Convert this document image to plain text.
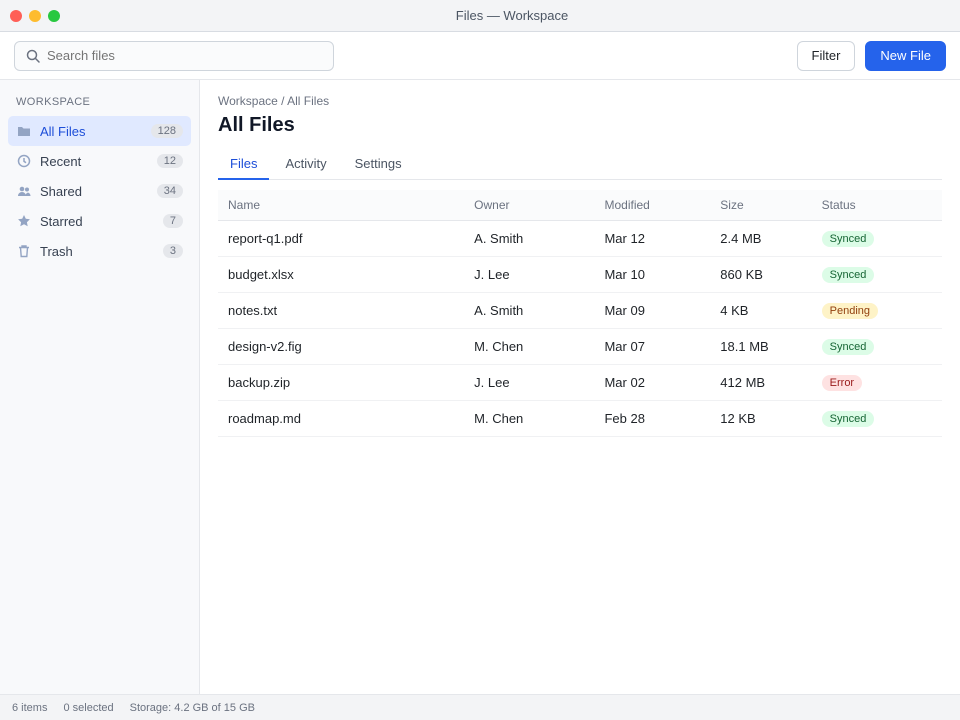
Files — Workspace
Search files
Filter	New File
WORKSPACE
All Files	128
Recent	12
Shared	34
Starred	7
Trash	3
Workspace / All Files
All Files
Files	Activity	Settings
Name	Owner	Modified	Size	Status
report-q1.pdf	A. Smith	Mar 12	2.4 MB	Synced
budget.xlsx	J. Lee	Mar 10	860 KB	Synced
notes.txt	A. Smith	Mar 09	4 KB	Pending
design-v2.fig	M. Chen	Mar 07	18.1 MB	Synced
backup.zip	J. Lee	Mar 02	412 MB	Error
roadmap.md	M. Chen	Feb 28	12 KB	Synced
6 items 0 selected Storage: 4.2 GB of 15 GB
